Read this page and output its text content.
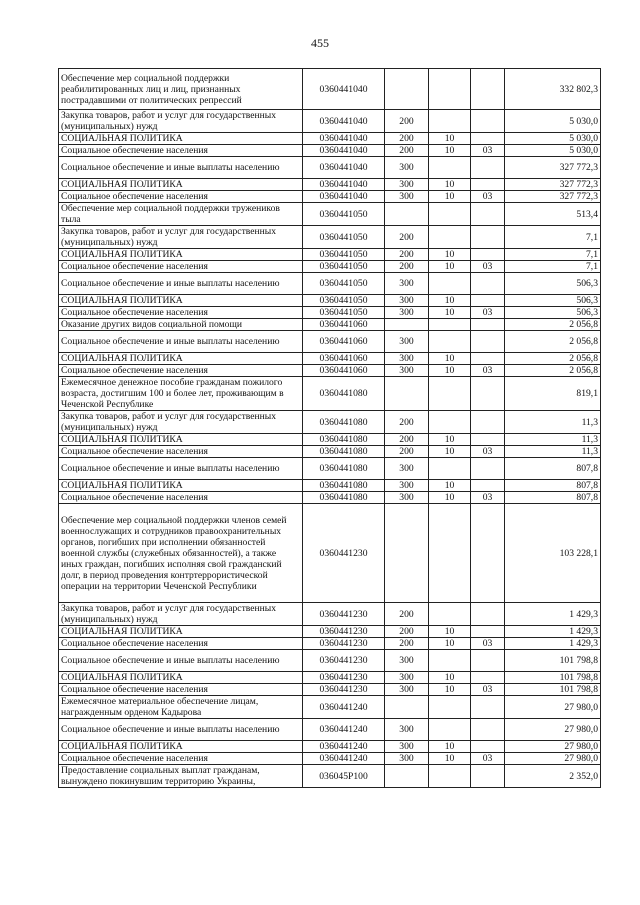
455
Обеспечение мер социальной поддержки реабилитированных лиц и лиц, признанных пострадавшими от политических репрессий	0360441040				332 802,3
Закупка товаров, работ и услуг для государственных (муниципальных) нужд	0360441040	200			5 030,0
СОЦИАЛЬНАЯ ПОЛИТИКА	0360441040	200	10		5 030,0
Социальное обеспечение населения	0360441040	200	10	03	5 030,0
Социальное обеспечение и иные выплаты населению	0360441040	300			327 772,3
СОЦИАЛЬНАЯ ПОЛИТИКА	0360441040	300	10		327 772,3
Социальное обеспечение населения	0360441040	300	10	03	327 772,3
Обеспечение мер социальной поддержки тружеников тыла	0360441050				513,4
Закупка товаров, работ и услуг для государственных (муниципальных) нужд	0360441050	200			7,1
СОЦИАЛЬНАЯ ПОЛИТИКА	0360441050	200	10		7,1
Социальное обеспечение населения	0360441050	200	10	03	7,1
Социальное обеспечение и иные выплаты населению	0360441050	300			506,3
СОЦИАЛЬНАЯ ПОЛИТИКА	0360441050	300	10		506,3
Социальное обеспечение населения	0360441050	300	10	03	506,3
Оказание других видов социальной помощи	0360441060				2 056,8
Социальное обеспечение и иные выплаты населению	0360441060	300			2 056,8
СОЦИАЛЬНАЯ ПОЛИТИКА	0360441060	300	10		2 056,8
Социальное обеспечение населения	0360441060	300	10	03	2 056,8
Ежемесячное денежное пособие гражданам пожилого возраста, достигшим 100 и более лет, проживающим в Чеченской Республике	0360441080				819,1
Закупка товаров, работ и услуг для государственных (муниципальных) нужд	0360441080	200			11,3
СОЦИАЛЬНАЯ ПОЛИТИКА	0360441080	200	10		11,3
Социальное обеспечение населения	0360441080	200	10	03	11,3
Социальное обеспечение и иные выплаты населению	0360441080	300			807,8
СОЦИАЛЬНАЯ ПОЛИТИКА	0360441080	300	10		807,8
Социальное обеспечение населения	0360441080	300	10	03	807,8
Обеспечение мер социальной поддержки членов семей военнослужащих и сотрудников правоохранительных органов, погибших при исполнении обязанностей военной службы (служебных обязанностей), а также иных граждан, погибших исполняя свой гражданский долг, в период проведения контртеррористической операции на территории Чеченской Республики	0360441230				103 228,1
Закупка товаров, работ и услуг для государственных (муниципальных) нужд	0360441230	200			1 429,3
СОЦИАЛЬНАЯ ПОЛИТИКА	0360441230	200	10		1 429,3
Социальное обеспечение населения	0360441230	200	10	03	1 429,3
Социальное обеспечение и иные выплаты населению	0360441230	300			101 798,8
СОЦИАЛЬНАЯ ПОЛИТИКА	0360441230	300	10		101 798,8
Социальное обеспечение населения	0360441230	300	10	03	101 798,8
Ежемесячное материальное обеспечение лицам, награжденным орденом Кадырова	0360441240				27 980,0
Социальное обеспечение и иные выплаты населению	0360441240	300			27 980,0
СОЦИАЛЬНАЯ ПОЛИТИКА	0360441240	300	10		27 980,0
Социальное обеспечение населения	0360441240	300	10	03	27 980,0
Предоставление социальных выплат гражданам, вынуждено покинувшим территорию Украины,	036045Р100				2 352,0
